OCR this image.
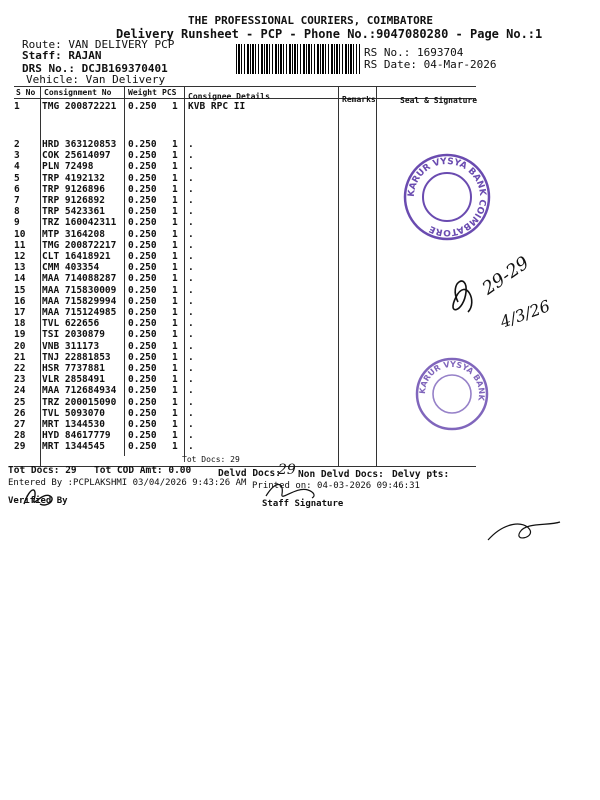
THE PROFESSIONAL COURIERS, COIMBATORE
Delivery Runsheet - PCP - Phone No.:9047080280 - Page No.:1
Route: VAN DELIVERY PCP
Staff: RAJAN
DRS No.: DCJB169370401
Vehicle: Van Delivery
RS No.: 1693704
RS Date: 04-Mar-2026
S No Consignment No Weight PCS Consignee Details	Remarks	Seal & Signature
1 TMG 200872221 0.250 1 KVB RPC II
2 HRD 363120853 0.250 1 .
3 COK 25614097 0.250 1 .
4 PLN 72498	0.250 1 .
5 TRP 4192132 0.250 1 .
6 TRP 9126896 0.250 1 .
7 TRP 9126892 0.250 1 .
8 TRP 5423361 0.250 1 .
9 TRZ 160042311 0.250 1 .
10 MTP 3164208 0.250 1 .
11 TMG 200872217 0.250 1 .
12 CLT 16418921 0.250 1 .
13 CMM 403354	0.250 1 .
14 MAA 714088287 0.250 1 .
15 MAA 715830009 0.250 1 .
16 MAA 715829994 0.250 1 .
17 MAA 715124985 0.250 1 .
18 TVL 622656	0.250 1 .
19 TSI 2030879 0.250 1 .
20 VNB 311173	0.250 1 .
21 TNJ 22881853 0.250 1 .
22 HSR 7737881 0.250 1 .
23 VLR 2858491 0.250 1 .
24 MAA 712684934 0.250 1 .
25 TRZ 200015090 0.250 1 .
26 TVL 5093070 0.250 1 .
27 MRT 1344530 0.250 1 .
28 HYD 84617779 0.250 1 .
29 MRT 1344545 0.250 1 .
Tot Docs: 29
KARUR VYSYA BANK COIMBATORE
KARUR VYSYA BANK
29-29
4/3/26
Tot Docs: 29 Tot COD Amt: 0.00	Delvd Docs:
29 Non Delvd Docs: Delvy pts:
Entered By :PCPLAKSHMI 03/04/2026 9:43:26 AM Printed on: 04-03-2026 09:46:31
Verified By	Staff Signature
